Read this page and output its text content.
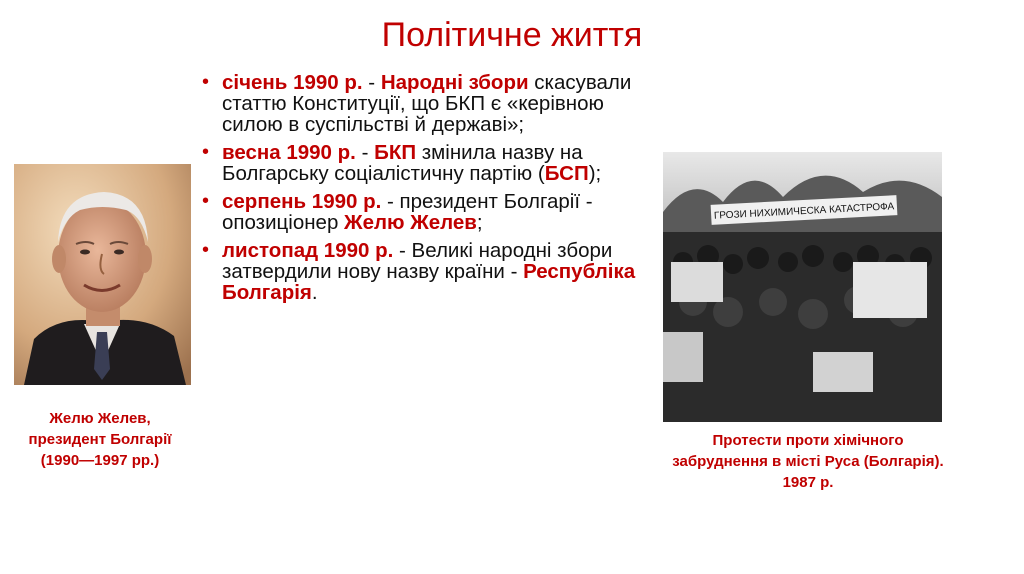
Політичне життя
• січень 1990 р. - Народні збори скасували статтю Конституції, що БКП є «керівною силою в суспільстві й державі»;
• весна 1990 р. - БКП змінила назву на Болгарську соціалістичну партію (БСП);
• серпень 1990 р. - президент Болгарії - опозиціонер Желю Желев;
• листопад 1990 р. - Великі народні збори затвердили нову назву країни - Республіка Болгарія.
Желю Желев,
президент Болгарії
(1990—1997 рр.)
ГРОЗИ НИХИМИЧЕСКА КАТАСТРОФА
Протести проти хімічного
забруднення в місті Руса (Болгарія).
1987 р.
